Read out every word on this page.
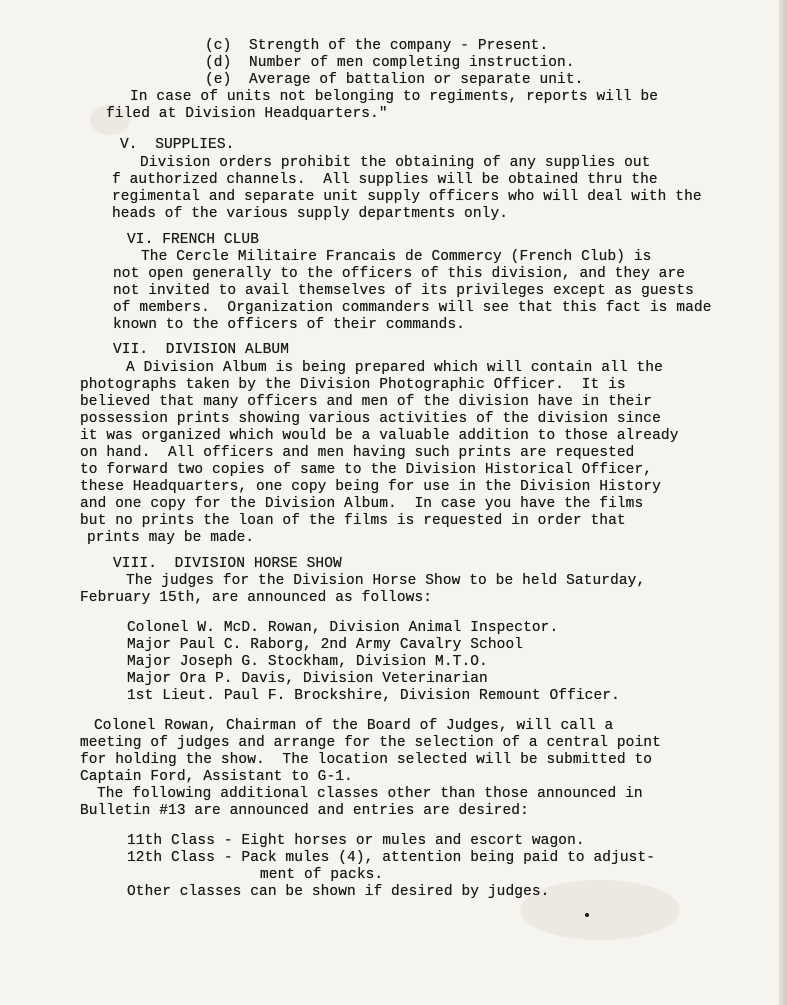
(c)  Strength of the company - Present.
(d)  Number of men completing instruction.
(e)  Average of battalion or separate unit.
In case of units not belonging to regiments, reports will be
filed at Division Headquarters."
V.  SUPPLIES.
Division orders prohibit the obtaining of any supplies out
f authorized channels.  All supplies will be obtained thru the
regimental and separate unit supply officers who will deal with the
heads of the various supply departments only.
VI. FRENCH CLUB
The Cercle Militaire Francais de Commercy (French Club) is
not open generally to the officers of this division, and they are
not invited to avail themselves of its privileges except as guests
of members.  Organization commanders will see that this fact is made
known to the officers of their commands.
VII.  DIVISION ALBUM
A Division Album is being prepared which will contain all the
photographs taken by the Division Photographic Officer.  It is
believed that many officers and men of the division have in their
possession prints showing various activities of the division since
it was organized which would be a valuable addition to those already
on hand.  All officers and men having such prints are requested
to forward two copies of same to the Division Historical Officer,
these Headquarters, one copy being for use in the Division History
and one copy for the Division Album.  In case you have the films
but no prints the loan of the films is requested in order that
prints may be made.
VIII.  DIVISION HORSE SHOW
The judges for the Division Horse Show to be held Saturday,
February 15th, are announced as follows:
Colonel W. McD. Rowan, Division Animal Inspector.
Major Paul C. Raborg, 2nd Army Cavalry School
Major Joseph G. Stockham, Division M.T.O.
Major Ora P. Davis, Division Veterinarian
1st Lieut. Paul F. Brockshire, Division Remount Officer.
Colonel Rowan, Chairman of the Board of Judges, will call a
meeting of judges and arrange for the selection of a central point
for holding the show.  The location selected will be submitted to
Captain Ford, Assistant to G-1.
The following additional classes other than those announced in
Bulletin #13 are announced and entries are desired:
11th Class - Eight horses or mules and escort wagon.
12th Class - Pack mules (4), attention being paid to adjust-
ment of packs.
Other classes can be shown if desired by judges.
